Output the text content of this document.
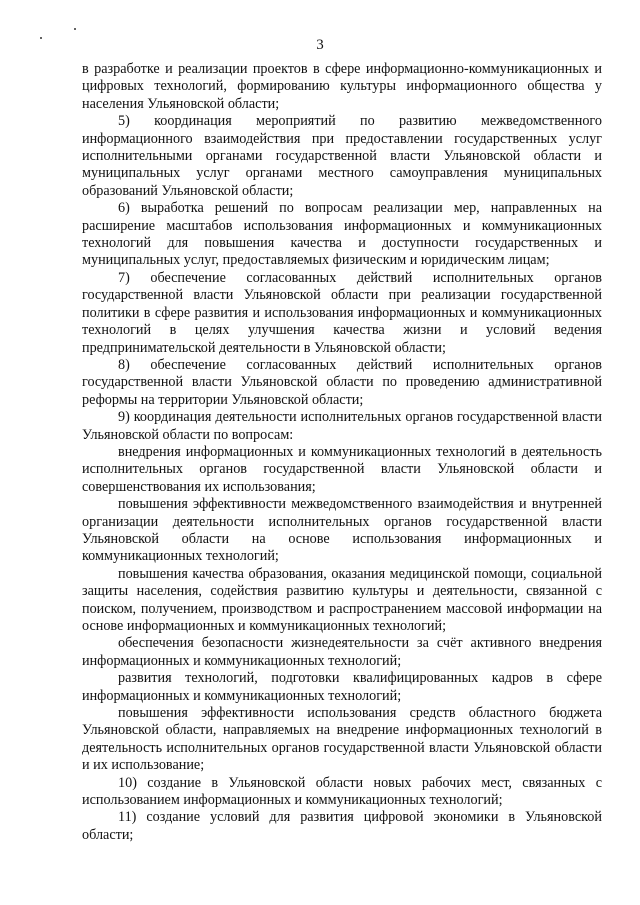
3

в разработке и реализации проектов в сфере информационно-коммуникационных и цифровых технологий, формированию культуры информационного общества у населения Ульяновской области;

5) координация мероприятий по развитию межведомственного информационного взаимодействия при предоставлении государственных услуг исполнительными органами государственной власти Ульяновской области и муниципальных услуг органами местного самоуправления муниципальных образований Ульяновской области;

6) выработка решений по вопросам реализации мер, направленных на расширение масштабов использования информационных и коммуникационных технологий для повышения качества и доступности государственных и муниципальных услуг, предоставляемых физическим и юридическим лицам;

7) обеспечение согласованных действий исполнительных органов государственной власти Ульяновской области при реализации государственной политики в сфере развития и использования информационных и коммуникационных технологий в целях улучшения качества жизни и условий ведения предпринимательской деятельности в Ульяновской области;

8) обеспечение согласованных действий исполнительных органов государственной власти Ульяновской области по проведению административной реформы на территории Ульяновской области;

9) координация деятельности исполнительных органов государственной власти Ульяновской области по вопросам:

внедрения информационных и коммуникационных технологий в деятельность исполнительных органов государственной власти Ульяновской области и совершенствования их использования;

повышения эффективности межведомственного взаимодействия и внутренней организации деятельности исполнительных органов государственной власти Ульяновской области на основе использования информационных и коммуникационных технологий;

повышения качества образования, оказания медицинской помощи, социальной защиты населения, содействия развитию культуры и деятельности, связанной с поиском, получением, производством и распространением массовой информации на основе информационных и коммуникационных технологий;

обеспечения безопасности жизнедеятельности за счёт активного внедрения информационных и коммуникационных технологий;

развития технологий, подготовки квалифицированных кадров в сфере информационных и коммуникационных технологий;

повышения эффективности использования средств областного бюджета Ульяновской области, направляемых на внедрение информационных технологий в деятельность исполнительных органов государственной власти Ульяновской области и их использование;

10) создание в Ульяновской области новых рабочих мест, связанных с использованием информационных и коммуникационных технологий;

11) создание условий для развития цифровой экономики в Ульяновской области;
